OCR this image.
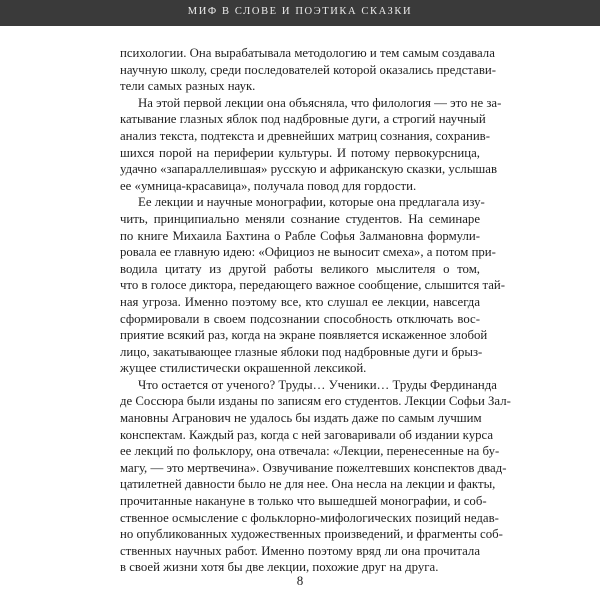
МИФ В СЛОВЕ И ПОЭТИКА СКАЗКИ
психологии. Она вырабатывала методологию и тем самым создавала
научную школу, среди последователей которой оказались представи-
тели самых разных наук.
На этой первой лекции она объясняла, что филология — это не за-
катывание глазных яблок под надбровные дуги, а строгий научный
анализ текста, подтекста и древнейших матриц сознания, сохранив-
шихся порой на периферии культуры. И потому первокурсница,
удачно «запараллелившая» русскую и африканскую сказки, услышав
ее «умница-красавица», получала повод для гордости.
Ее лекции и научные монографии, которые она предлагала изу-
чить, принципиально меняли сознание студентов. На семинаре
по книге Михаила Бахтина о Рабле Софья Залмановна формули-
ровала ее главную идею: «Официоз не выносит смеха», а потом при-
водила цитату из другой работы великого мыслителя о том,
что в голосе диктора, передающего важное сообщение, слышится тай-
ная угроза. Именно поэтому все, кто слушал ее лекции, навсегда
сформировали в своем подсознании способность отключать вос-
приятие всякий раз, когда на экране появляется искаженное злобой
лицо, закатывающее глазные яблоки под надбровные дуги и брыз-
жущее стилистически окрашенной лексикой.
Что остается от ученого? Труды… Ученики… Труды Фердинанда
де Соссюра были изданы по записям его студентов. Лекции Софьи Зал-
мановны Агранович не удалось бы издать даже по самым лучшим
конспектам. Каждый раз, когда с ней заговаривали об издании курса
ее лекций по фольклору, она отвечала: «Лекции, перенесенные на бу-
магу, — это мертвечина». Озвучивание пожелтевших конспектов двад-
цатилетней давности было не для нее. Она несла на лекции и факты,
прочитанные накануне в только что вышедшей монографии, и соб-
ственное осмысление с фольклорно-мифологических позиций недав-
но опубликованных художественных произведений, и фрагменты соб-
ственных научных работ. Именно поэтому вряд ли она прочитала
в своей жизни хотя бы две лекции, похожие друг на друга.
8
